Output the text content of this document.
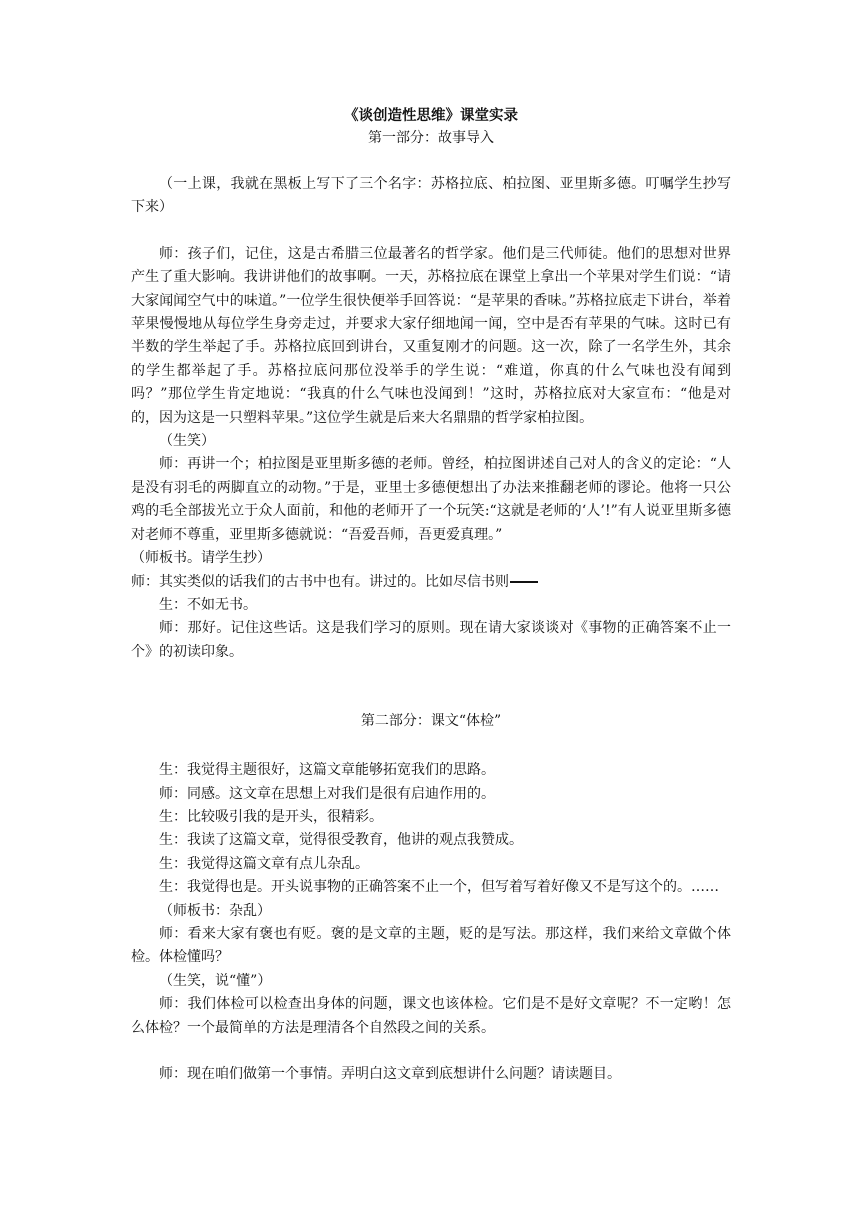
《谈创造性思维》课堂实录
第一部分：故事导入

（一上课，我就在黑板上写下了三个名字：苏格拉底、柏拉图、亚里斯多德。叮嘱学生抄写下来）

师：孩子们，记住，这是古希腊三位最著名的哲学家。他们是三代师徒。他们的思想对世界产生了重大影响。我讲讲他们的故事啊。一天，苏格拉底在课堂上拿出一个苹果对学生们说：“请大家闻闻空气中的味道。”一位学生很快便举手回答说：“是苹果的香味。”苏格拉底走下讲台，举着苹果慢慢地从每位学生身旁走过，并要求大家仔细地闻一闻，空中是否有苹果的气味。这时已有半数的学生举起了手。苏格拉底回到讲台，又重复刚才的问题。这一次，除了一名学生外，其余的学生都举起了手。苏格拉底问那位没举手的学生说：“难道，你真的什么气味也没有闻到吗？”那位学生肯定地说：“我真的什么气味也没闻到！”这时，苏格拉底对大家宣布：“他是对的，因为这是一只塑料苹果。”这位学生就是后来大名鼎鼎的哲学家柏拉图。

（生笑）

师：再讲一个；柏拉图是亚里斯多德的老师。曾经，柏拉图讲述自己对人的含义的定论：“人是没有羽毛的两脚直立的动物。”于是，亚里士多德便想出了办法来推翻老师的谬论。他将一只公鸡的毛全部拔光立于众人面前，和他的老师开了一个玩笑:“这就是老师的‘人’!”有人说亚里斯多德对老师不尊重，亚里斯多德就说：“吾爱吾师，吾更爱真理。”

（师板书。请学生抄）

师：其实类似的话我们的古书中也有。讲过的。比如尽信书则

生：不如无书。

师：那好。记住这些话。这是我们学习的原则。现在请大家谈谈对《事物的正确答案不止一个》的初读印象。

第二部分：课文“体检”

生：我觉得主题很好，这篇文章能够拓宽我们的思路。

师：同感。这文章在思想上对我们是很有启迪作用的。

生：比较吸引我的是开头，很精彩。

生：我读了这篇文章，觉得很受教育，他讲的观点我赞成。

生：我觉得这篇文章有点儿杂乱。

生：我觉得也是。开头说事物的正确答案不止一个，但写着写着好像又不是写这个的。……

（师板书：杂乱）

师：看来大家有褒也有贬。褒的是文章的主题，贬的是写法。那这样，我们来给文章做个体检。体检懂吗？

（生笑，说“懂”）

师：我们体检可以检查出身体的问题，课文也该体检。它们是不是好文章呢？不一定哟！怎么体检？一个最简单的方法是理清各个自然段之间的关系。

师：现在咱们做第一个事情。弄明白这文章到底想讲什么问题？请读题目。
